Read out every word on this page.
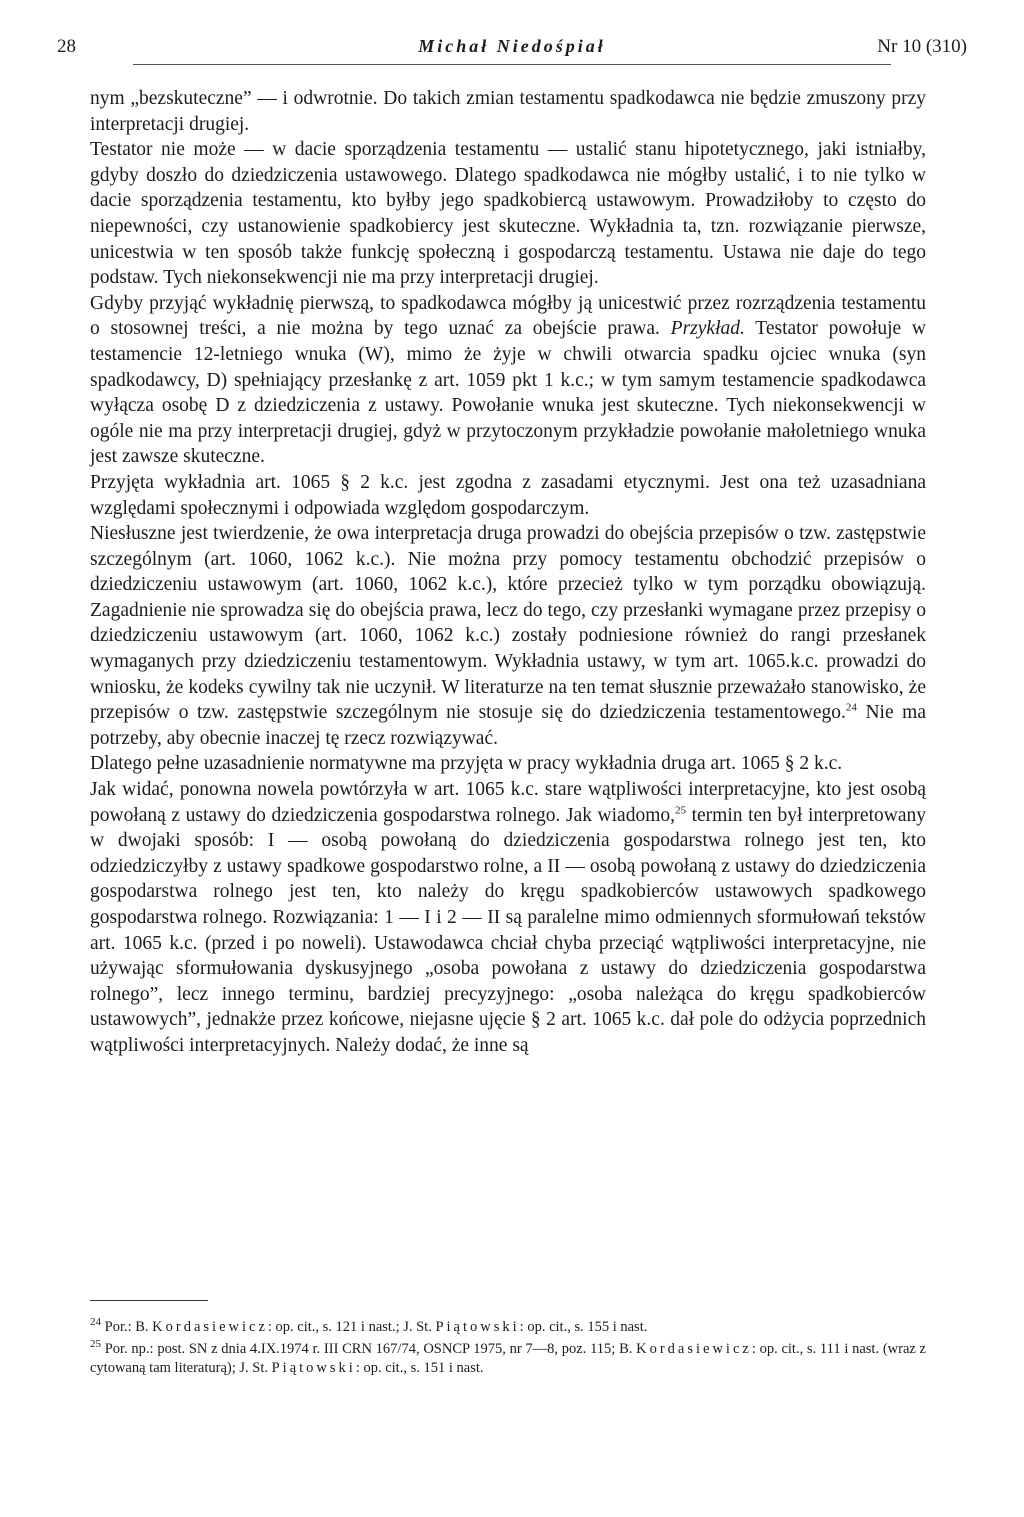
28	Michał Niedośpiał	Nr 10 (310)

nym „bezskuteczne” — i odwrotnie. Do takich zmian testamentu spadkodawca nie będzie zmuszony przy interpretacji drugiej.

Testator nie może — w dacie sporządzenia testamentu — ustalić stanu hipotetycznego, jaki istniałby, gdyby doszło do dziedziczenia ustawowego. Dlatego spadkodawca nie mógłby ustalić, i to nie tylko w dacie sporządzenia testamentu, kto byłby jego spadkobiercą ustawowym. Prowadziłoby to często do niepewności, czy ustanowienie spadkobiercy jest skuteczne. Wykładnia ta, tzn. rozwiązanie pierwsze, unicestwia w ten sposób także funkcję społeczną i gospodarczą testamentu. Ustawa nie daje do tego podstaw. Tych niekonsekwencji nie ma przy interpretacji drugiej.

Gdyby przyjąć wykładnię pierwszą, to spadkodawca mógłby ją unicestwić przez rozrządzenia testamentu o stosownej treści, a nie można by tego uznać za obejście prawa. Przykład. Testator powołuje w testamencie 12-letniego wnuka (W), mimo że żyje w chwili otwarcia spadku ojciec wnuka (syn spadkodawcy, D) spełniający przesłankę z art. 1059 pkt 1 k.c.; w tym samym testamencie spadkodawca wyłącza osobę D z dziedziczenia z ustawy. Powołanie wnuka jest skuteczne. Tych niekonsekwencji w ogóle nie ma przy interpretacji drugiej, gdyż w przytoczonym przykładzie powołanie małoletniego wnuka jest zawsze skuteczne.

Przyjęta wykładnia art. 1065 § 2 k.c. jest zgodna z zasadami etycznymi. Jest ona też uzasadniana względami społecznymi i odpowiada względom gospodarczym.

Niesłuszne jest twierdzenie, że owa interpretacja druga prowadzi do obejścia przepisów o tzw. zastępstwie szczególnym (art. 1060, 1062 k.c.). Nie można przy pomocy testamentu obchodzić przepisów o dziedziczeniu ustawowym (art. 1060, 1062 k.c.), które przecież tylko w tym porządku obowiązują. Zagadnienie nie sprowadza się do obejścia prawa, lecz do tego, czy przesłanki wymagane przez przepisy o dziedziczeniu ustawowym (art. 1060, 1062 k.c.) zostały podniesione również do rangi przesłanek wymaganych przy dziedziczeniu testamentowym. Wykładnia ustawy, w tym art. 1065.k.c. prowadzi do wniosku, że kodeks cywilny tak nie uczynił. W literaturze na ten temat słusznie przeważało stanowisko, że przepisów o tzw. zastępstwie szczególnym nie stosuje się do dziedziczenia testamentowego.$^{24}$ Nie ma potrzeby, aby obecnie inaczej tę rzecz rozwiązywać.

Dlatego pełne uzasadnienie normatywne ma przyjęta w pracy wykładnia druga art. 1065 § 2 k.c.

Jak widać, ponowna nowela powtórzyła w art. 1065 k.c. stare wątpliwości interpretacyjne, kto jest osobą powołaną z ustawy do dziedziczenia gospodarstwa rolnego. Jak wiadomo,$^{25}$ termin ten był interpretowany w dwojaki sposób: I — osobą powołaną do dziedziczenia gospodarstwa rolnego jest ten, kto odziedziczyłby z ustawy spadkowe gospodarstwo rolne, a II — osobą powołaną z ustawy do dziedziczenia gospodarstwa rolnego jest ten, kto należy do kręgu spadkobierców ustawowych spadkowego gospodarstwa rolnego. Rozwiązania: 1 — I i 2 — II są paralelne mimo odmiennych sformułowań tekstów art. 1065 k.c. (przed i po noweli). Ustawodawca chciał chyba przeciąć wątpliwości interpretacyjne, nie używając sformułowania dyskusyjnego „osoba powołana z ustawy do dziedziczenia gospodarstwa rolnego”, lecz innego terminu, bardziej precyzyjnego: „osoba należąca do kręgu spadkobierców ustawowych”, jednakże przez końcowe, niejasne ujęcie § 2 art. 1065 k.c. dał pole do odżycia poprzednich wątpliwości interpretacyjnych. Należy dodać, że inne są

$^{24}$ Por.: B. Kordasiewicz: op. cit., s. 121 i nast.; J. St. Piątowski: op. cit., s. 155 i nast.

$^{25}$ Por. np.: post. SN z dnia 4.IX.1974 r. III CRN 167/74, OSNCP 1975, nr 7—8, poz. 115; B. Kordasiewicz: op. cit., s. 111 i nast. (wraz z cytowaną tam literaturą); J. St. Piątowski: op. cit., s. 151 i nast.
